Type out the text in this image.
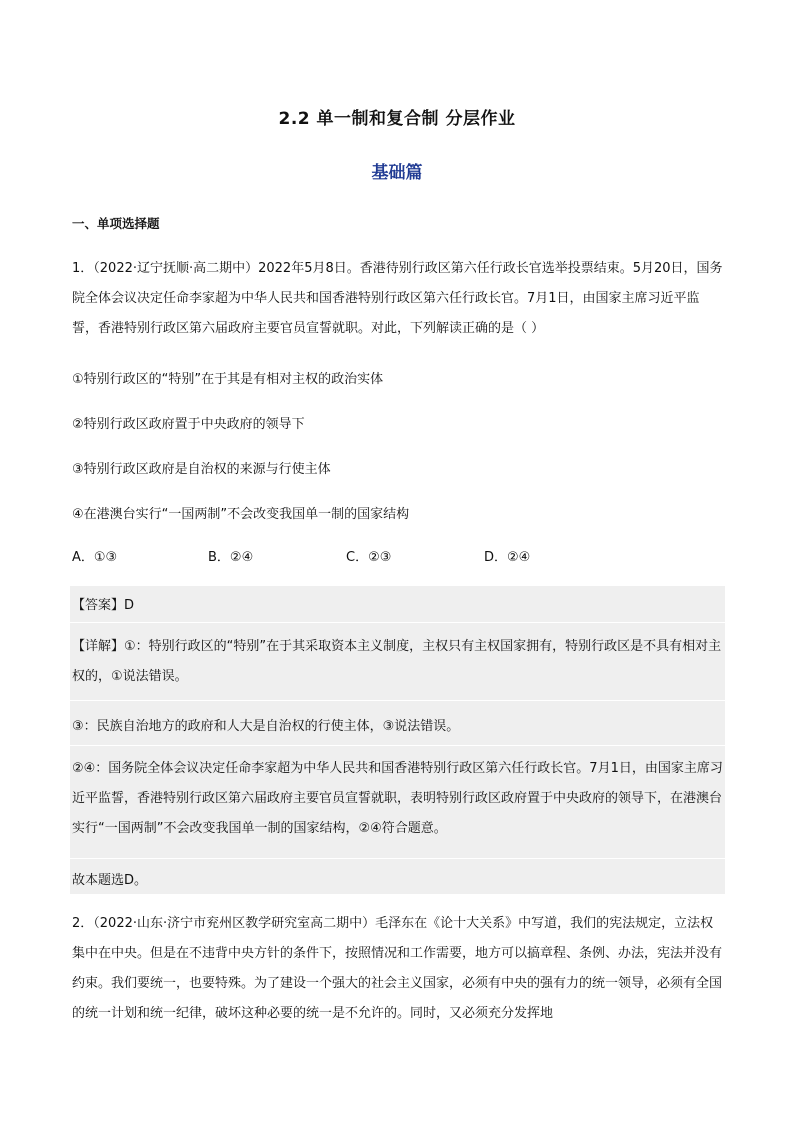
2.2 单一制和复合制 分层作业
基础篇
一、单项选择题

1．（2022·辽宁抚顺·高二期中）2022年5月8日。香港待别行政区第六任行政长官选举投票结束。5月20日，国务院全体会议决定任命李家超为中华人民共和国香港特别行政区第六任行政长官。7月1日，由国家主席习近平监誓，香港特别行政区第六届政府主要官员宣誓就职。对此，下列解读正确的是（ ）

①特别行政区的“特别”在于其是有相对主权的政治实体
②特别行政区政府置于中央政府的领导下
③特别行政区政府是自治权的来源与行使主体
④在港澳台实行“一国两制”不会改变我国单一制的国家结构
A．①③	B．②④	C．②③	D．②④
【答案】D

【详解】①：特别行政区的“特别”在于其采取资本主义制度，主权只有主权国家拥有，特别行政区是不具有相对主权的，①说法错误。

③：民族自治地方的政府和人大是自治权的行使主体，③说法错误。

②④：国务院全体会议决定任命李家超为中华人民共和国香港特别行政区第六任行政长官。7月1日，由国家主席习近平监誓，香港特别行政区第六届政府主要官员宣誓就职，表明特别行政区政府置于中央政府的领导下，在港澳台实行“一国两制”不会改变我国单一制的国家结构，②④符合题意。

故本题选D。

2．（2022·山东·济宁市兖州区教学研究室高二期中）毛泽东在《论十大关系》中写道，我们的宪法规定，立法权集中在中央。但是在不违背中央方针的条件下，按照情况和工作需要，地方可以搞章程、条例、办法，宪法并没有约束。我们要统一，也要特殊。为了建设一个强大的社会主义国家，必须有中央的强有力的统一领导，必须有全国的统一计划和统一纪律，破坏这种必要的统一是不允许的。同时，又必须充分发挥地
